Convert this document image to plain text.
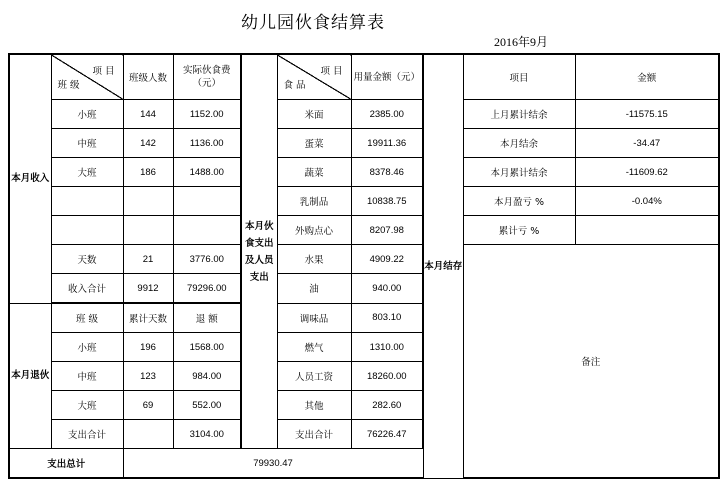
幼儿园伙食结算表
2016年9月
本月收入	项 目
班 级	班级人数	实际伙食费（元）	本月伙食支出及人员支出	项 目
食 品	用量金额（元）	本月结存	项目	金额
	小班	144	1152.00		米面	2385.00		上月累计结余	-11575.15
	中班	142	1136.00		蛋菜	19911.36		本月结余	-34.47
	大班	186	1488.00		蔬菜	8378.46		本月累计结余	-11609.62
					乳制品	10838.75		本月盈亏 %	-0.04%
					外购点心	8207.98		累计亏 %	
	天数	21	3776.00		水果	4909.22		备注	
	收入合计	9912	79296.00		油	940.00			
本月退伙	班 级	累计天数	退 额		调味品	803.10			
	小班	196	1568.00		燃气	1310.00			
	中班	123	984.00		人员工资	18260.00			
	大班	69	552.00		其他	282.60			
	支出合计		3104.00		支出合计	76226.47			
支出总计		79930.47							
